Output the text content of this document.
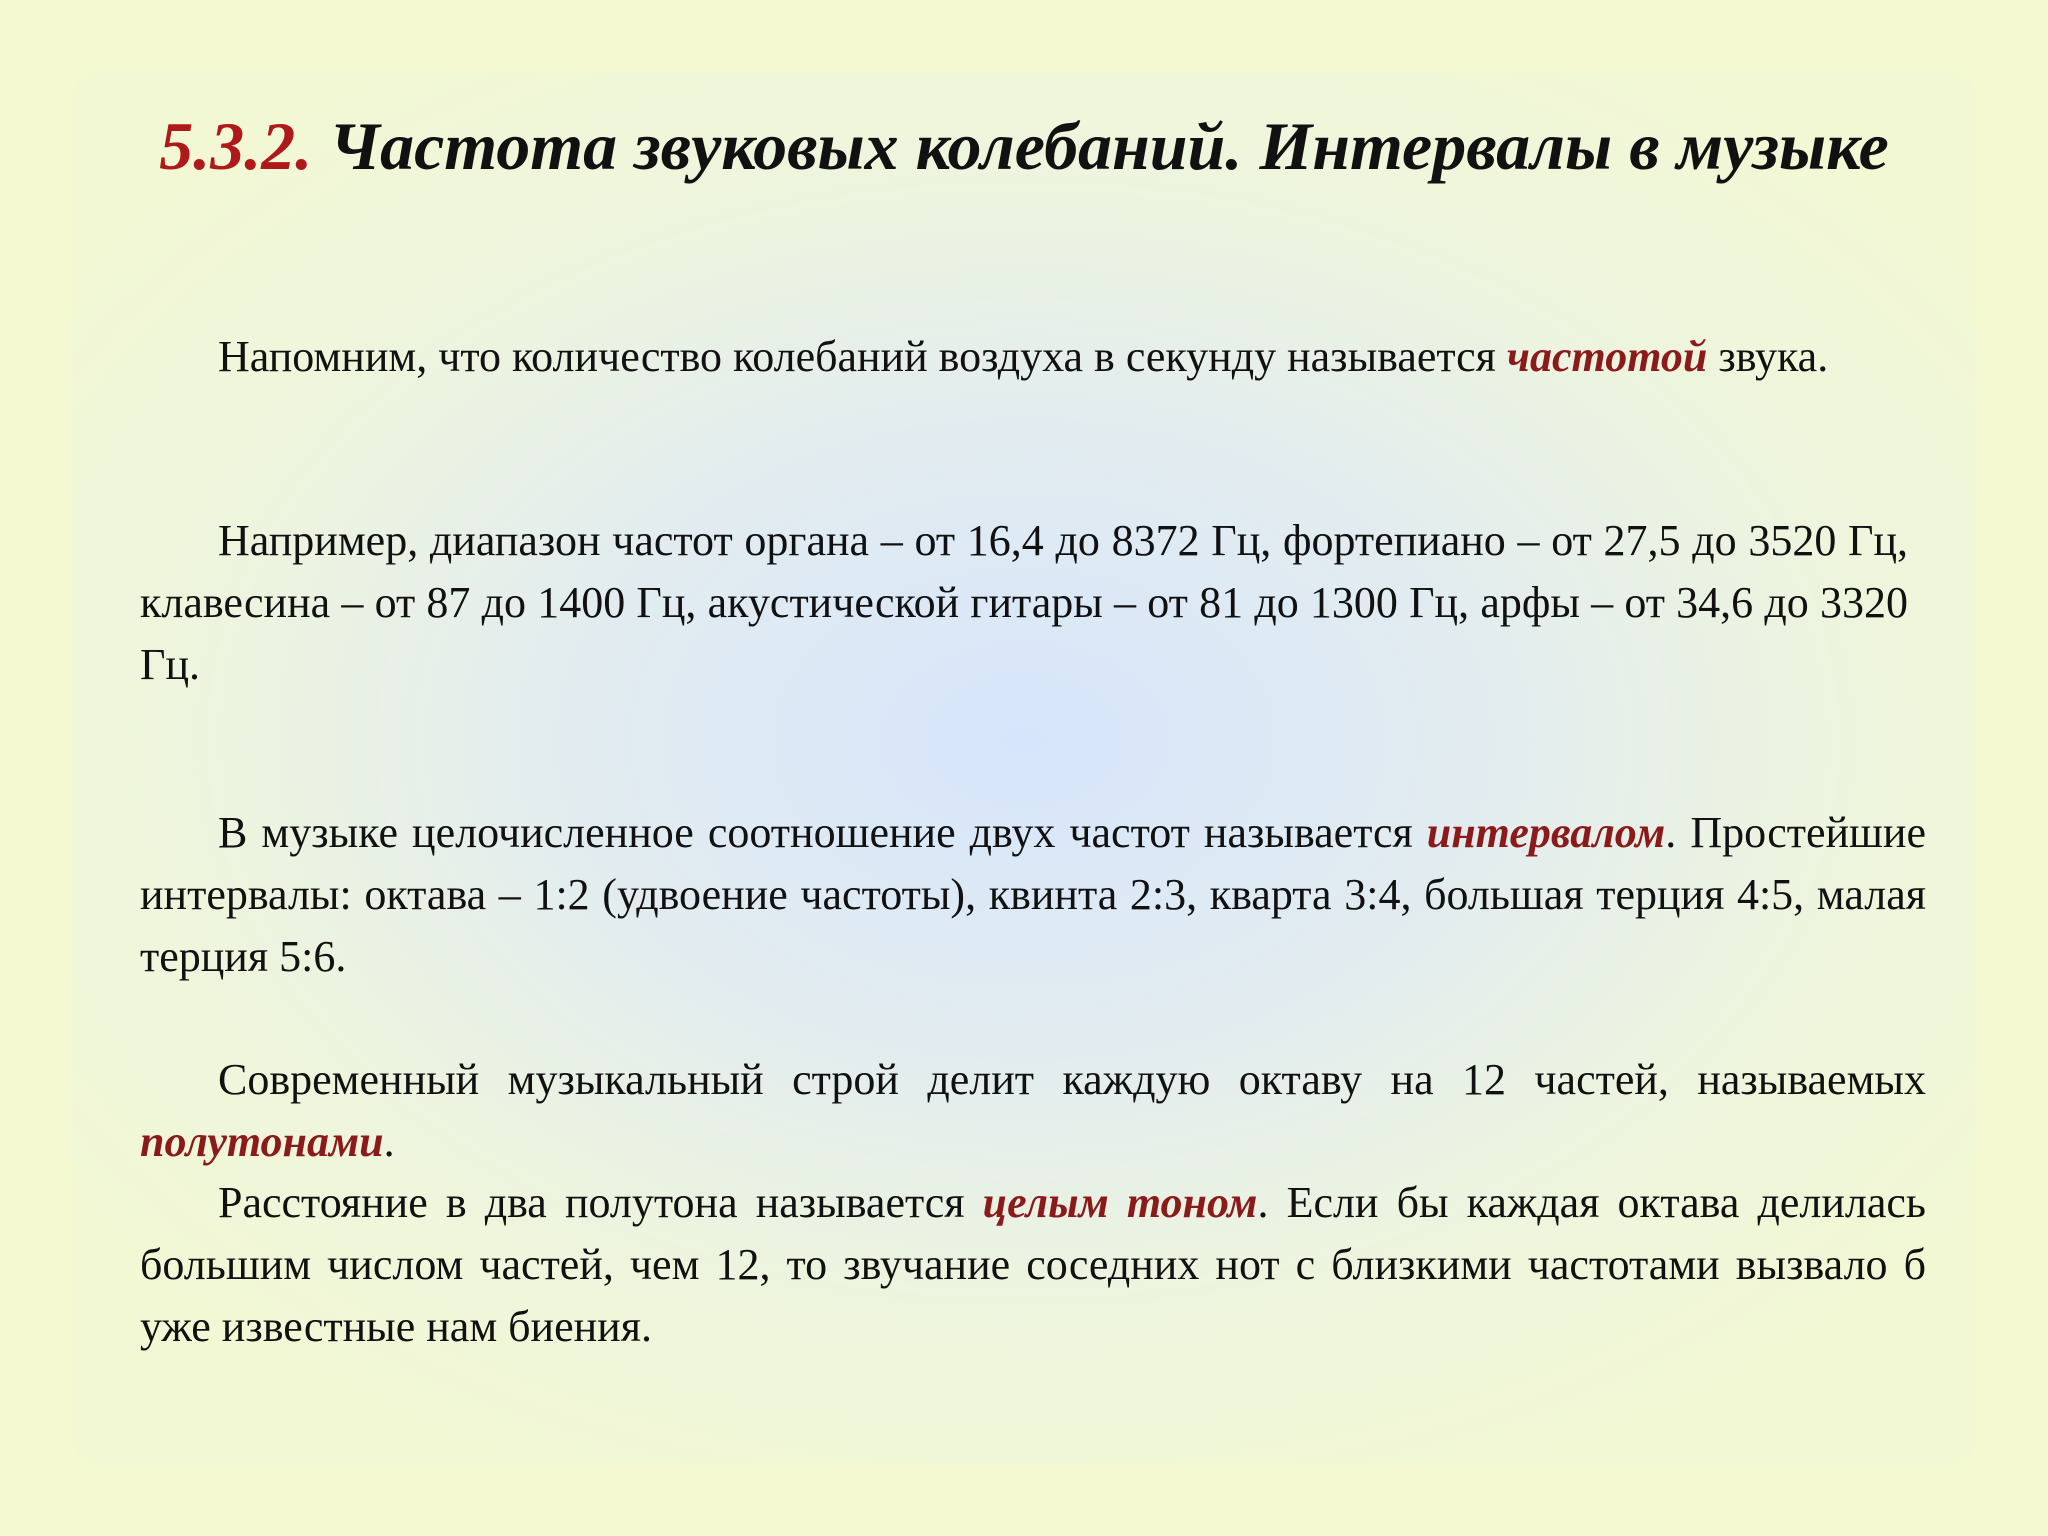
5.3.2. Частота звуковых колебаний. Интервалы в музыке

Напомним, что количество колебаний воздуха в секунду называется частотой звука.

Например, диапазон частот органа – от 16,4 до 8372 Гц, фортепиано – от 27,5 до 3520 Гц, клавесина – от 87 до 1400 Гц, акустической гитары – от 81 до 1300 Гц, арфы – от 34,6 до 3320 Гц.

В музыке целочисленное соотношение двух частот называется интервалом. Простейшие интервалы: октава – 1:2 (удвоение частоты), квинта 2:3, кварта 3:4, большая терция 4:5, малая терция 5:6.

Современный музыкальный строй делит каждую октаву на 12 частей, называемых полутонами.

Расстояние в два полутона называется целым тоном. Если бы каждая октава делилась большим числом частей, чем 12, то звучание соседних нот с близкими частотами вызвало б уже известные нам биения.
